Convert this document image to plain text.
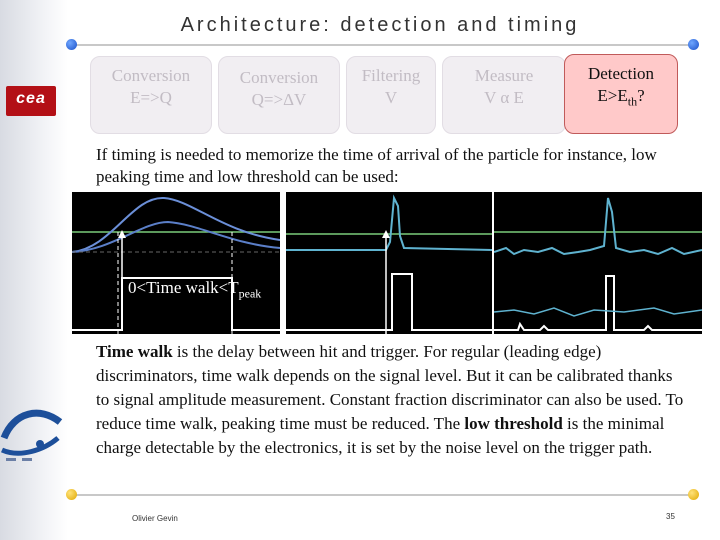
Architecture: detection and timing
cea
Conversion
E=>Q
Conversion
Q=>ΔV
Filtering
V
Measure
V α E
Detection
$E>E_{th}$?
If timing is needed to memorize the time of arrival of the particle for instance, low peaking time and low threshold can be used:
0<Time $walk<T_{peak}$
Time walk is the delay between hit and trigger. For regular (leading edge) discriminators, time walk depends on the signal level. But it can be calibrated thanks to signal amplitude measurement. Constant fraction discriminator can also be used. To reduce time walk, peaking time must be reduced. The low threshold is the minimal charge detectable by the electronics, it is set by the noise level on the trigger path.
Olivier Gevin	35
